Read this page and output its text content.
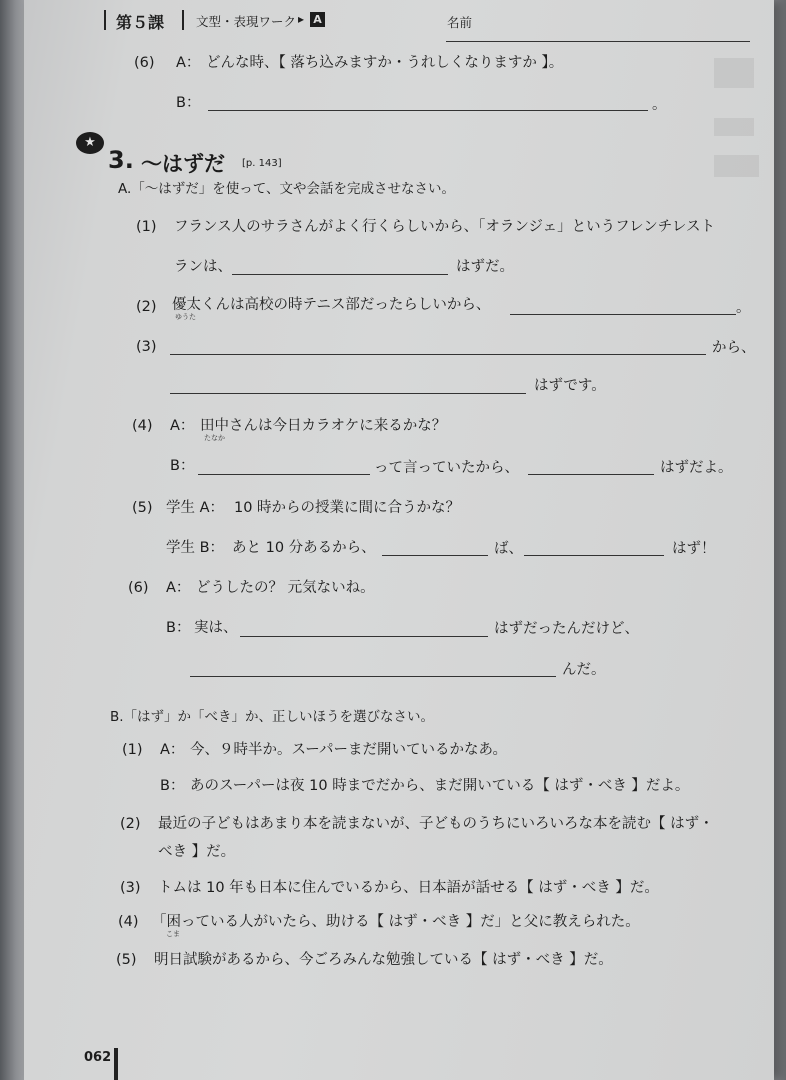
第５課	文型・表現ワーク ▸ A	名前
(6) A： どんな時、【 落ち込みますか・うれしくなりますか 】。
B：	。
★
3. ～はずだ [p. 143]
A.「～はずだ」を使って、文や会話を完成させなさい。
(1) フランス人のサラさんがよく行くらしいから、「オランジェ」というフレンチレスト
ランは、	はずだ。
(2) 優太くんは高校の時テニス部だったらしいから、
ゆうた
。
(3)	から、
はずです。
(4) A： 田中さんは今日カラオケに来るかな？
たなか
B：	って言っていたから、	はずだよ。
(5) 学生 A： 10 時からの授業に間に合うかな？
学生 B： あと 10 分あるから、	ば、	はず！
(6) A： どうしたの？ 元気ないね。
B： 実は、	はずだったんだけど、
んだ。
B.「はず」か「べき」か、正しいほうを選びなさい。
(1) A： 今、９時半か。スーパーまだ開いているかなあ。
B： あのスーパーは夜 10 時までだから、まだ開いている【 はず・べき 】だよ。
(2) 最近の子どもはあまり本を読まないが、子どものうちにいろいろな本を読む【 はず・
べき 】だ。
(3) トムは 10 年も日本に住んでいるから、日本語が話せる【 はず・べき 】だ。
(4) 「困っている人がいたら、助ける【 はず・べき 】だ」と父に教えられた。
こま
(5) 明日試験があるから、今ごろみんな勉強している【 はず・べき 】だ。
062
